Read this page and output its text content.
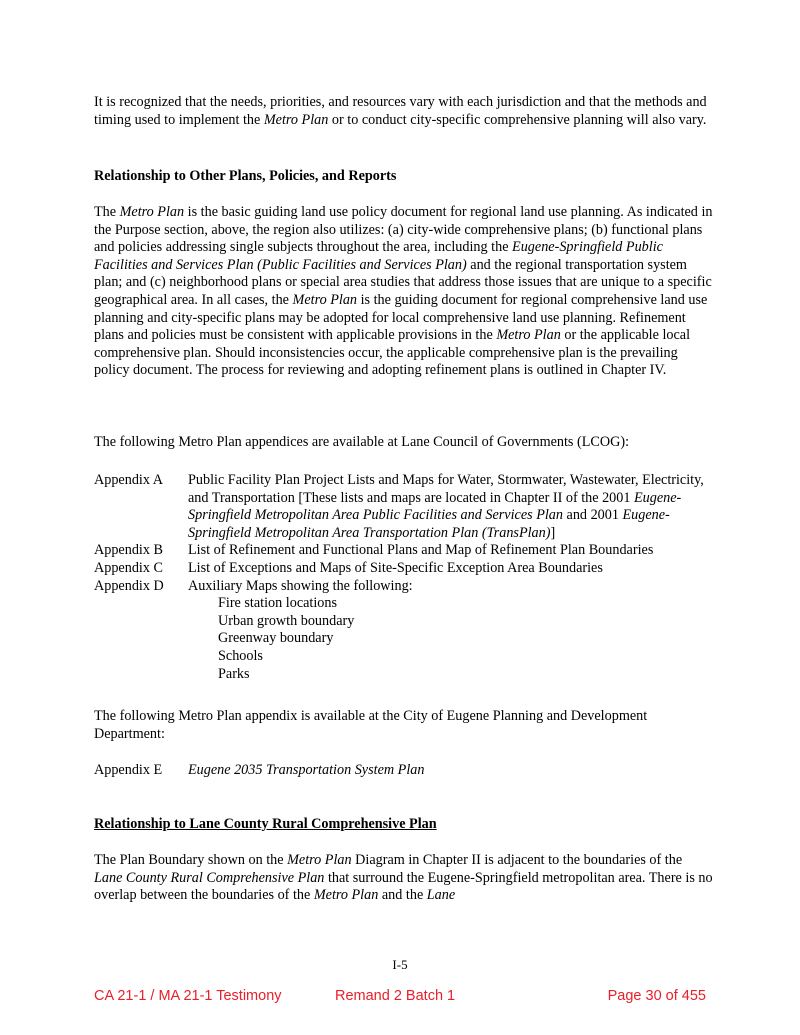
It is recognized that the needs, priorities, and resources vary with each jurisdiction and that the methods and timing used to implement the Metro Plan or to conduct city-specific comprehensive planning will also vary.

Relationship to Other Plans, Policies, and Reports

The Metro Plan is the basic guiding land use policy document for regional land use planning. As indicated in the Purpose section, above, the region also utilizes: (a) city-wide comprehensive plans; (b) functional plans and policies addressing single subjects throughout the area, including the Eugene-Springfield Public Facilities and Services Plan (Public Facilities and Services Plan) and the regional transportation system plan; and (c) neighborhood plans or special area studies that address those issues that are unique to a specific geographical area. In all cases, the Metro Plan is the guiding document for regional comprehensive land use planning and city-specific plans may be adopted for local comprehensive land use planning. Refinement plans and policies must be consistent with applicable provisions in the Metro Plan or the applicable local comprehensive plan. Should inconsistencies occur, the applicable comprehensive plan is the prevailing policy document. The process for reviewing and adopting refinement plans is outlined in Chapter IV.

The following Metro Plan appendices are available at Lane Council of Governments (LCOG):

Appendix A	Public Facility Plan Project Lists and Maps for Water, Stormwater, Wastewater, Electricity, and Transportation [These lists and maps are located in Chapter II of the 2001 Eugene-Springfield Metropolitan Area Public Facilities and Services Plan and 2001 Eugene-Springfield Metropolitan Area Transportation Plan (TransPlan)]
Appendix B	List of Refinement and Functional Plans and Map of Refinement Plan Boundaries
Appendix C	List of Exceptions and Maps of Site-Specific Exception Area Boundaries
Appendix D	Auxiliary Maps showing the following:
Fire station locations
Urban growth boundary
Greenway boundary
Schools
Parks

The following Metro Plan appendix is available at the City of Eugene Planning and Development Department:

Appendix E	Eugene 2035 Transportation System Plan
Relationship to Lane County Rural Comprehensive Plan

The Plan Boundary shown on the Metro Plan Diagram in Chapter II is adjacent to the boundaries of the Lane County Rural Comprehensive Plan that surround the Eugene-Springfield metropolitan area. There is no overlap between the boundaries of the Metro Plan and the Lane

I-5
CA 21-1 / MA 21-1 Testimony	Remand 2 Batch 1	Page 30 of 455
